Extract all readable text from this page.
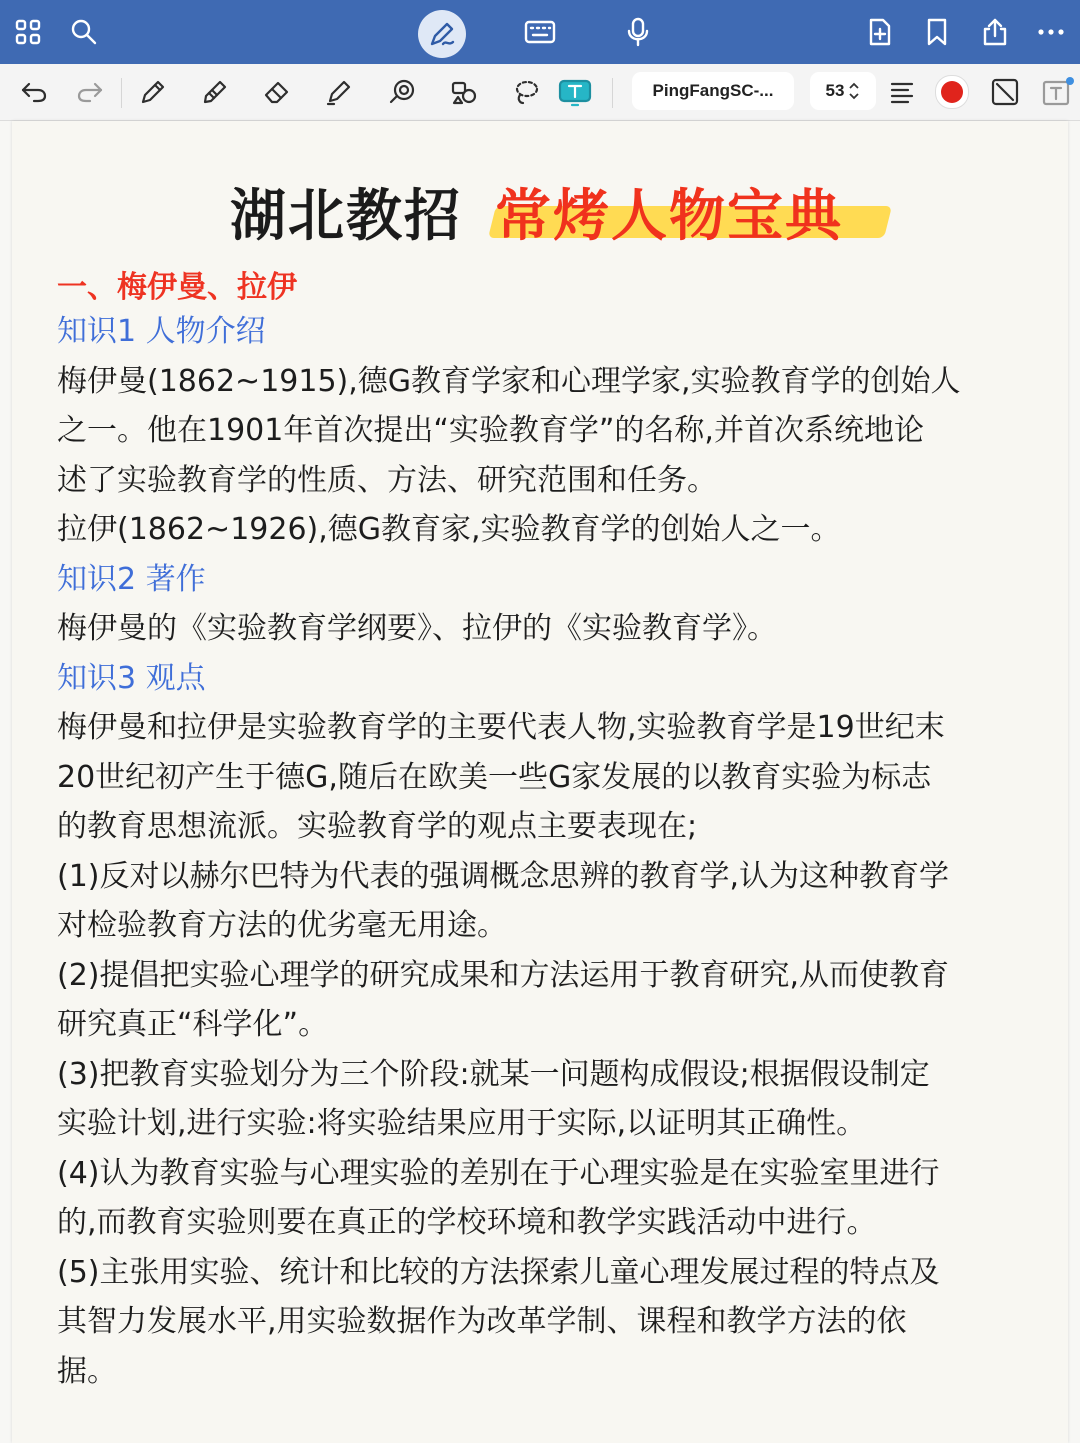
PingFangSC-...	53
湖北教招 常烤人物宝典
一、梅伊曼、拉伊
知识1 人物介绍
梅伊曼(1862~1915),德G教育学家和心理学家,实验教育学的创始人
之一。他在1901年首次提出“实验教育学”的名称,并首次系统地论
述了实验教育学的性质、方法、研究范围和任务。
拉伊(1862~1926),德G教育家,实验教育学的创始人之一。
知识2 著作
梅伊曼的《实验教育学纲要》、拉伊的《实验教育学》。
知识3 观点
梅伊曼和拉伊是实验教育学的主要代表人物,实验教育学是19世纪末
20世纪初产生于德G,随后在欧美一些G家发展的以教育实验为标志
的教育思想流派。实验教育学的观点主要表现在;
(1)反对以赫尔巴特为代表的强调概念思辨的教育学,认为这种教育学
对检验教育方法的优劣毫无用途。
(2)提倡把实验心理学的研究成果和方法运用于教育研究,从而使教育
研究真正“科学化”。
(3)把教育实验划分为三个阶段:就某一问题构成假设;根据假设制定
实验计划,进行实验:将实验结果应用于实际,以证明其正确性。
(4)认为教育实验与心理实验的差别在于心理实验是在实验室里进行
的,而教育实验则要在真正的学校环境和教学实践活动中进行。
(5)主张用实验、统计和比较的方法探索儿童心理发展过程的特点及
其智力发展水平,用实验数据作为改革学制、课程和教学方法的依
据。
